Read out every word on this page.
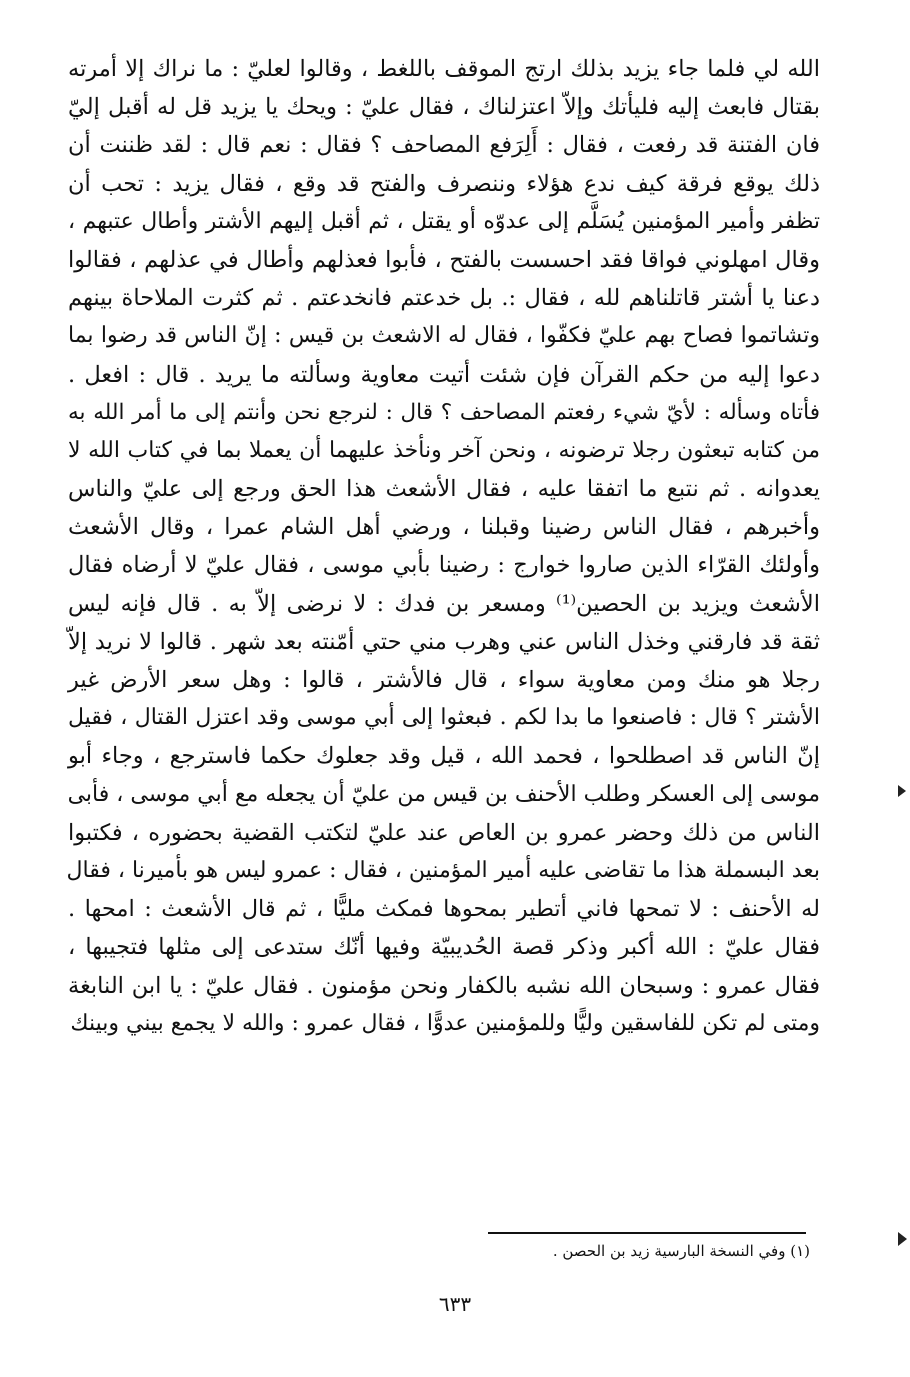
الله لي فلما جاء يزيد بذلك ارتج الموقف باللغط ، وقالوا لعليّ : ما نراك إلا أمرته
بقتال فابعث إليه فليأتك وإلاّ اعتزلناك ، فقال عليّ : ويحك يا يزيد قل له أقبل إليّ
فان الفتنة قد رفعت ، فقال : أَلِرَفع المصاحف ؟ فقال : نعم قال : لقد ظننت أن
ذلك يوقع فرقة كيف ندع هؤلاء وننصرف والفتح قد وقع ، فقال يزيد : تحب أن
تظفر وأمير المؤمنين يُسَلَّم إلى عدوّه أو يقتل ، ثم أقبل إليهم الأشتر وأطال عتبهم ،
وقال امهلوني فواقا فقد احسست بالفتح ، فأبوا فعذلهم وأطال في عذلهم ، فقالوا
دعنا يا أشتر قاتلناهم لله ، فقال :. بل خدعتم فانخدعتم . ثم كثرت الملاحاة بينهم
وتشاتموا فصاح بهم عليّ فكفّوا ، فقال له الاشعث بن قيس : إنّ الناس قد رضوا بما
دعوا إليه من حكم القرآن فإن شئت أتيت معاوية وسألته ما يريد . قال : افعل .
فأتاه وسأله : لأيّ شيء رفعتم المصاحف ؟ قال : لنرجع نحن وأنتم إلى ما أمر الله به
من كتابه تبعثون رجلا ترضونه ، ونحن آخر ونأخذ عليهما أن يعملا بما في كتاب الله لا
يعدوانه . ثم نتبع ما اتفقا عليه ، فقال الأشعث هذا الحق ورجع إلى عليّ والناس
وأخبرهم ، فقال الناس رضينا وقبلنا ، ورضي أهل الشام عمرا ، وقال الأشعث
وأولئك القرّاء الذين صاروا خوارج : رضينا بأبي موسى ، فقال عليّ لا أرضاه فقال
الأشعث ويزيد بن الحصين⁽¹⁾ ومسعر بن فدك : لا نرضى إلاّ به . قال فإنه ليس
ثقة قد فارقني وخذل الناس عني وهرب مني حتي أمّنته بعد شهر . قالوا لا نريد إلاّ
رجلا هو منك ومن معاوية سواء ، قال فالأشتر ، قالوا : وهل سعر الأرض غير
الأشتر ؟ قال : فاصنعوا ما بدا لكم . فبعثوا إلى أبي موسى وقد اعتزل القتال ، فقيل
إنّ الناس قد اصطلحوا ، فحمد الله ، قيل وقد جعلوك حكما فاسترجع ، وجاء أبو
موسى إلى العسكر وطلب الأحنف بن قيس من عليّ أن يجعله مع أبي موسى ، فأبى
الناس من ذلك وحضر عمرو بن العاص عند عليّ لتكتب القضية بحضوره ، فكتبوا
بعد البسملة هذا ما تقاضى عليه أمير المؤمنين ، فقال : عمرو ليس هو بأميرنا ، فقال
له الأحنف : لا تمحها فاني أتطير بمحوها فمكث مليًّا ، ثم قال الأشعث : امحها .
فقال عليّ : الله أكبر وذكر قصة الحُديبيّة وفيها أنّك ستدعى إلى مثلها فتجيبها ،
فقال عمرو : وسبحان الله نشبه بالكفار ونحن مؤمنون . فقال عليّ : يا ابن النابغة
ومتى لم تكن للفاسقين وليًّا وللمؤمنين عدوًّا ، فقال عمرو : والله لا يجمع بيني وبينك
(١) وفي النسخة البارسية زيد بن الحصن .
٦٣٣
